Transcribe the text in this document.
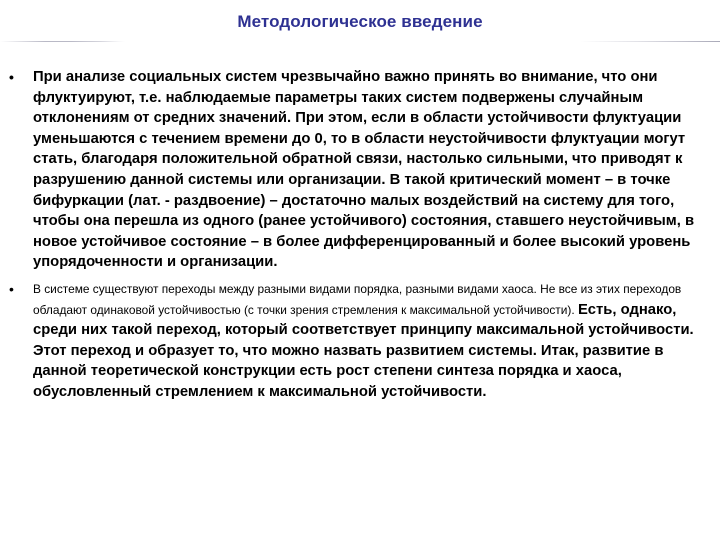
Методологическое введение
• При анализе социальных систем чрезвычайно важно принять во внимание, что они флуктуируют, т.е. наблюдаемые параметры таких систем подвержены случайным отклонениям от средних значений. При этом, если в области устойчивости флуктуации уменьшаются с течением времени до 0, то в области неустойчивости флуктуации могут стать, благодаря положительной обратной связи, настолько сильными, что приводят к разрушению данной системы или организации. В такой критический момент – в точке бифуркации (лат. - раздвоение) – достаточно малых воздействий на систему для того, чтобы она перешла из одного (ранее устойчивого) состояния, ставшего неустойчивым, в новое устойчивое состояние – в более дифференцированный и более высокий уровень упорядоченности и организации.
• В системе существуют переходы между разными видами порядка, разными видами хаоса. Не все из этих переходов обладают одинаковой устойчивостью (с точки зрения стремления к максимальной устойчивости). Есть, однако, среди них такой переход, который соответствует принципу максимальной устойчивости. Этот переход и образует то, что можно назвать развитием системы. Итак, развитие в данной теоретической конструкции есть рост степени синтеза порядка и хаоса, обусловленный стремлением к максимальной устойчивости.
